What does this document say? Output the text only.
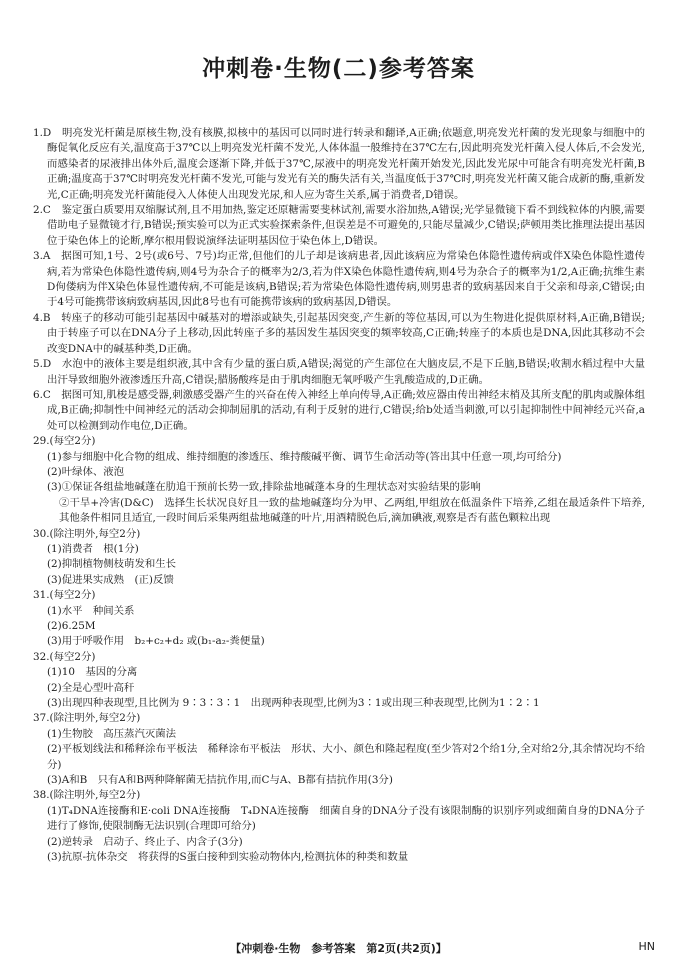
冲刺卷·生物(二)参考答案

1.D　 明亮发光杆菌是原核生物,没有核膜,拟核中的基因可以同时进行转录和翻译,A正确;依题意,明亮发光杆菌的发光现象与细胞中的酶促氧化反应有关,温度高于37℃以上明亮发光杆菌不发光,人体体温一般维持在37℃左右,因此明亮发光杆菌入侵人体后,不会发光,而感染者的尿液排出体外后,温度会逐渐下降,并低于37℃,尿液中的明亮发光杆菌开始发光,因此发光尿中可能含有明亮发光杆菌,B正确;温度高于37℃时明亮发光杆菌不发光,可能与发光有关的酶失活有关,当温度低于37℃时,明亮发光杆菌又能合成新的酶,重新发光,C正确;明亮发光杆菌能侵入人体使人出现发光尿,和人应为寄生关系,属于消费者,D错误。

2.C　 鉴定蛋白质要用双缩脲试剂,且不用加热,鉴定还原糖需要斐林试剂,需要水浴加热,A错误;光学显微镜下看不到线粒体的内膜,需要借助电子显微镜才行,B错误;预实验可以为正式实验探索条件,但误差是不可避免的,只能尽量减少,C错误;萨顿用类比推理法提出基因位于染色体上的论断,摩尔根用假说演绎法证明基因位于染色体上,D错误。

3.A　 据图可知,1号、2号(或6号、7号)均正常,但他们的儿子却是该病患者,因此该病应为常染色体隐性遗传病或伴X染色体隐性遗传病,若为常染色体隐性遗传病,则4号为杂合子的概率为2/3,若为伴X染色体隐性遗传病,则4号为杂合子的概率为1/2,A正确;抗维生素D佝偻病为伴X染色体显性遗传病,不可能是该病,B错误;若为常染色体隐性遗传病,则男患者的致病基因来自于父亲和母亲,C错误;由于4号可能携带该病致病基因,因此8号也有可能携带该病的致病基因,D错误。

4.B　 转座子的移动可能引起基因中碱基对的增添或缺失,引起基因突变,产生新的等位基因,可以为生物进化提供原材料,A正确,B错误;由于转座子可以在DNA分子上移动,因此转座子多的基因发生基因突变的频率较高,C正确;转座子的本质也是DNA,因此其移动不会改变DNA中的碱基种类,D正确。

5.D　 水泡中的液体主要是组织液,其中含有少量的蛋白质,A错误;渴觉的产生部位在大脑皮层,不是下丘脑,B错误;收割水稻过程中大量出汗导致细胞外液渗透压升高,C错误;腊肠酸疼是由于肌肉细胞无氧呼吸产生乳酸造成的,D正确。

6.C　 据图可知,肌梭是感受器,刺激感受器产生的兴奋在传入神经上单向传导,A正确;效应器由传出神经末梢及其所支配的肌肉或腺体组成,B正确;抑制性中间神经元的活动会抑制屈肌的活动,有利于反射的进行,C错误;给b处适当刺激,可以引起抑制性中间神经元兴奋,a处可以检测到动作电位,D正确。

29.(每空2分)

(1)参与细胞中化合物的组成、维持细胞的渗透压、维持酸碱平衡、调节生命活动等(答出其中任意一项,均可给分)

(2)叶绿体、液泡

(3)①保证各组盐地碱蓬在肋追干预前长势一致,排除盐地碱蓬本身的生理状态对实验结果的影响

②干旱+冷害(D&C)　选择生长状况良好且一致的盐地碱蓬均分为甲、乙两组,甲组放在低温条件下培养,乙组在最适条件下培养,其他条件相同且适宜,一段时间后采集两组盐地碱蓬的叶片,用酒精脱色后,滴加碘液,观察是否有蓝色颗粒出现

30.(除注明外,每空2分)

(1)消费者　根(1分)

(2)抑制植物侧枝萌发和生长

(3)促进果实成熟　(正)反馈

31.(每空2分)

(1)水平　种间关系

(2)6.25M

(3)用于呼吸作用　b₂+c₂+d₂ 或(b₁-a₂-粪便量)

32.(每空2分)

(1)10　基因的分离

(2)全是心型叶高秆

(3)出现四种表现型,且比例为 9∶3∶3∶1　出现两种表现型,比例为3∶1或出现三种表现型,比例为1∶2∶1

37.(除注明外,每空2分)

(1)生物胶　高压蒸汽灭菌法

(2)平板划线法和稀释涂布平板法　稀释涂布平板法　形状、大小、颜色和隆起程度(至少答对2个给1分,全对给2分,其余情况均不给分)

(3)A和B　只有A和B两种降解菌无拮抗作用,而C与A、B都有拮抗作用(3分)

38.(除注明外,每空2分)

(1)T₄DNA连接酶和E·coli DNA连接酶　T₄DNA连接酶　细菌自身的DNA分子没有该限制酶的识别序列或细菌自身的DNA分子进行了修饰,使限制酶无法识别(合理即可给分)

(2)逆转录　启动子、终止子、内含子(3分)

(3)抗原-抗体杂交　将获得的S蛋白接种到实验动物体内,检测抗体的种类和数量

【冲刺卷·生物　参考答案　第2页(共2页)】	HN
